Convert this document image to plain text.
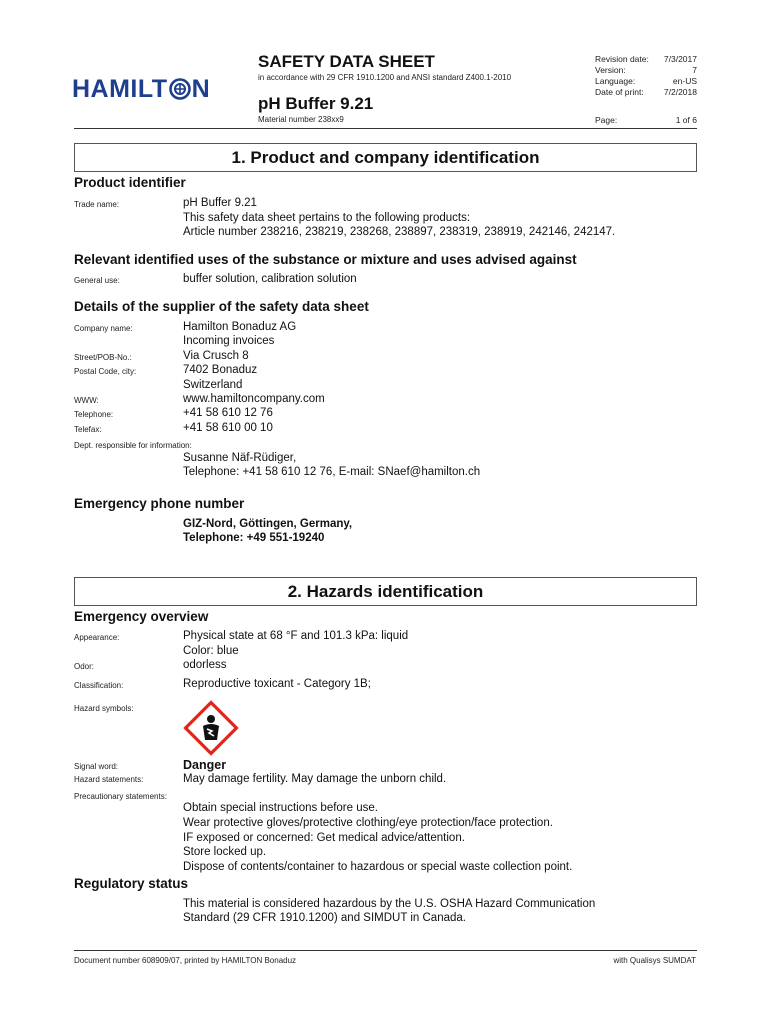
HAMILT N
SAFETY DATA SHEET
in accordance with 29 CFR 1910.1200 and ANSI standard Z400.1-2010
pH Buffer 9.21
Material number 238xx9
Revision date:	7/3/2017
Version:	7
Language:	en-US
Date of print:	7/2/2018
Page:	1 of 6
1. Product and company identification
Product identifier
Trade name:	pH Buffer 9.21
This safety data sheet pertains to the following products:
Article number 238216, 238219, 238268, 238897, 238319, 238919, 242146, 242147.
Relevant identified uses of the substance or mixture and uses advised against
General use:	buffer solution, calibration solution
Details of the supplier of the safety data sheet
Company name:	Hamilton Bonaduz AG
Incoming invoices
Street/POB-No.:	Via Crusch 8
Postal Code, city:	7402 Bonaduz
Switzerland
WWW:	www.hamiltoncompany.com
Telephone:	+41 58 610 12 76
Telefax:	+41 58 610 00 10
Dept. responsible for information:
Susanne Näf-Rüdiger,
Telephone: +41 58 610 12 76, E-mail: SNaef@hamilton.ch
Emergency phone number
GIZ-Nord, Göttingen, Germany,
Telephone: +49 551-19240
2. Hazards identification
Emergency overview
Appearance:	Physical state at 68 °F and 101.3 kPa: liquid
Color: blue
Odor:	odorless
Classification:	Reproductive toxicant - Category 1B;
Hazard symbols:
Signal word:	Danger
Hazard statements:	May damage fertility. May damage the unborn child.
Precautionary statements:
Obtain special instructions before use.
Wear protective gloves/protective clothing/eye protection/face protection.
IF exposed or concerned: Get medical advice/attention.
Store locked up.
Dispose of contents/container to hazardous or special waste collection point.
Regulatory status
This material is considered hazardous by the U.S. OSHA Hazard Communication
Standard (29 CFR 1910.1200) and SIMDUT in Canada.
Document number 608909/07, printed by HAMILTON Bonaduz	with Qualisys SUMDAT
